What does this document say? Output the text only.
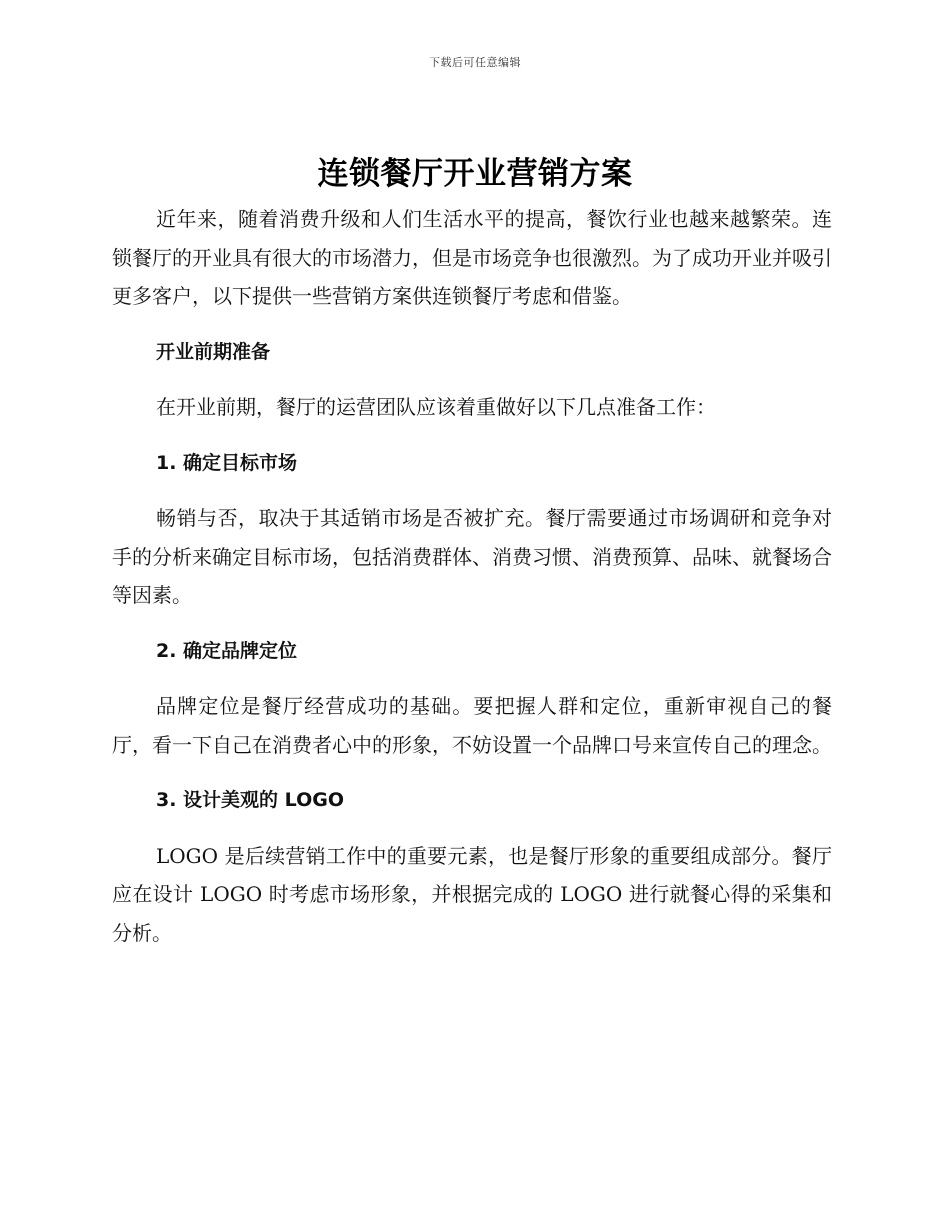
下载后可任意编辑
连锁餐厅开业营销方案

近年来，随着消费升级和人们生活水平的提高，餐饮行业也越来越繁荣。连锁餐厅的开业具有很大的市场潜力，但是市场竞争也很激烈。为了成功开业并吸引更多客户，以下提供一些营销方案供连锁餐厅考虑和借鉴。

开业前期准备

在开业前期，餐厅的运营团队应该着重做好以下几点准备工作：

1. 确定目标市场

畅销与否，取决于其适销市场是否被扩充。餐厅需要通过市场调研和竞争对手的分析来确定目标市场，包括消费群体、消费习惯、消费预算、品味、就餐场合等因素。

2. 确定品牌定位

品牌定位是餐厅经营成功的基础。要把握人群和定位，重新审视自己的餐厅，看一下自己在消费者心中的形象，不妨设置一个品牌口号来宣传自己的理念。

3. 设计美观的 LOGO

LOGO 是后续营销工作中的重要元素，也是餐厅形象的重要组成部分。餐厅应在设计 LOGO 时考虑市场形象，并根据完成的 LOGO 进行就餐心得的采集和分析。
